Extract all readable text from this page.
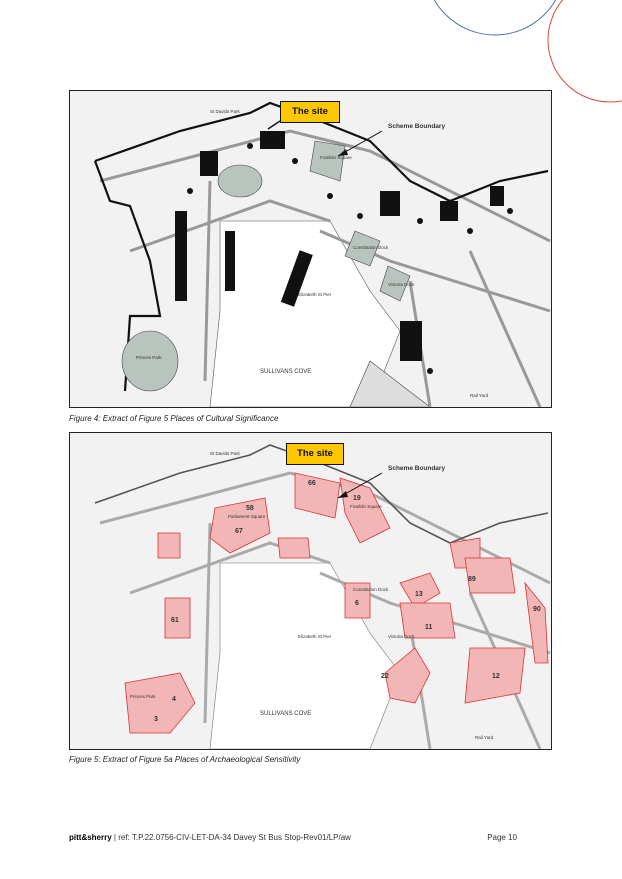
St Davids Park
Franklin Square
Constitution Dock
Victoria Dock
Elizabeth St Pier
Princes Park
Rail Yard
SULLIVANS COVE
Scheme Boundary
The site
Figure 4: Extract of Figure 5 Places of Cultural Significance
66
19
67
58
13
89
90
12
22
3
4
11
6
61
St Davids Park
Franklin Square
Parliament Square
Constitution Dock
Victoria Dock
Elizabeth St Pier
Princes Park
Rail Yard
SULLIVANS COVE
Scheme Boundary
The site
Figure 5: Extract of Figure 5a Places of Archaeological Sensitivity
pitt&sherry | ref: T.P.22.0756-CIV-LET-DA-34 Davey St Bus Stop-Rev01/LP/aw	Page 10
